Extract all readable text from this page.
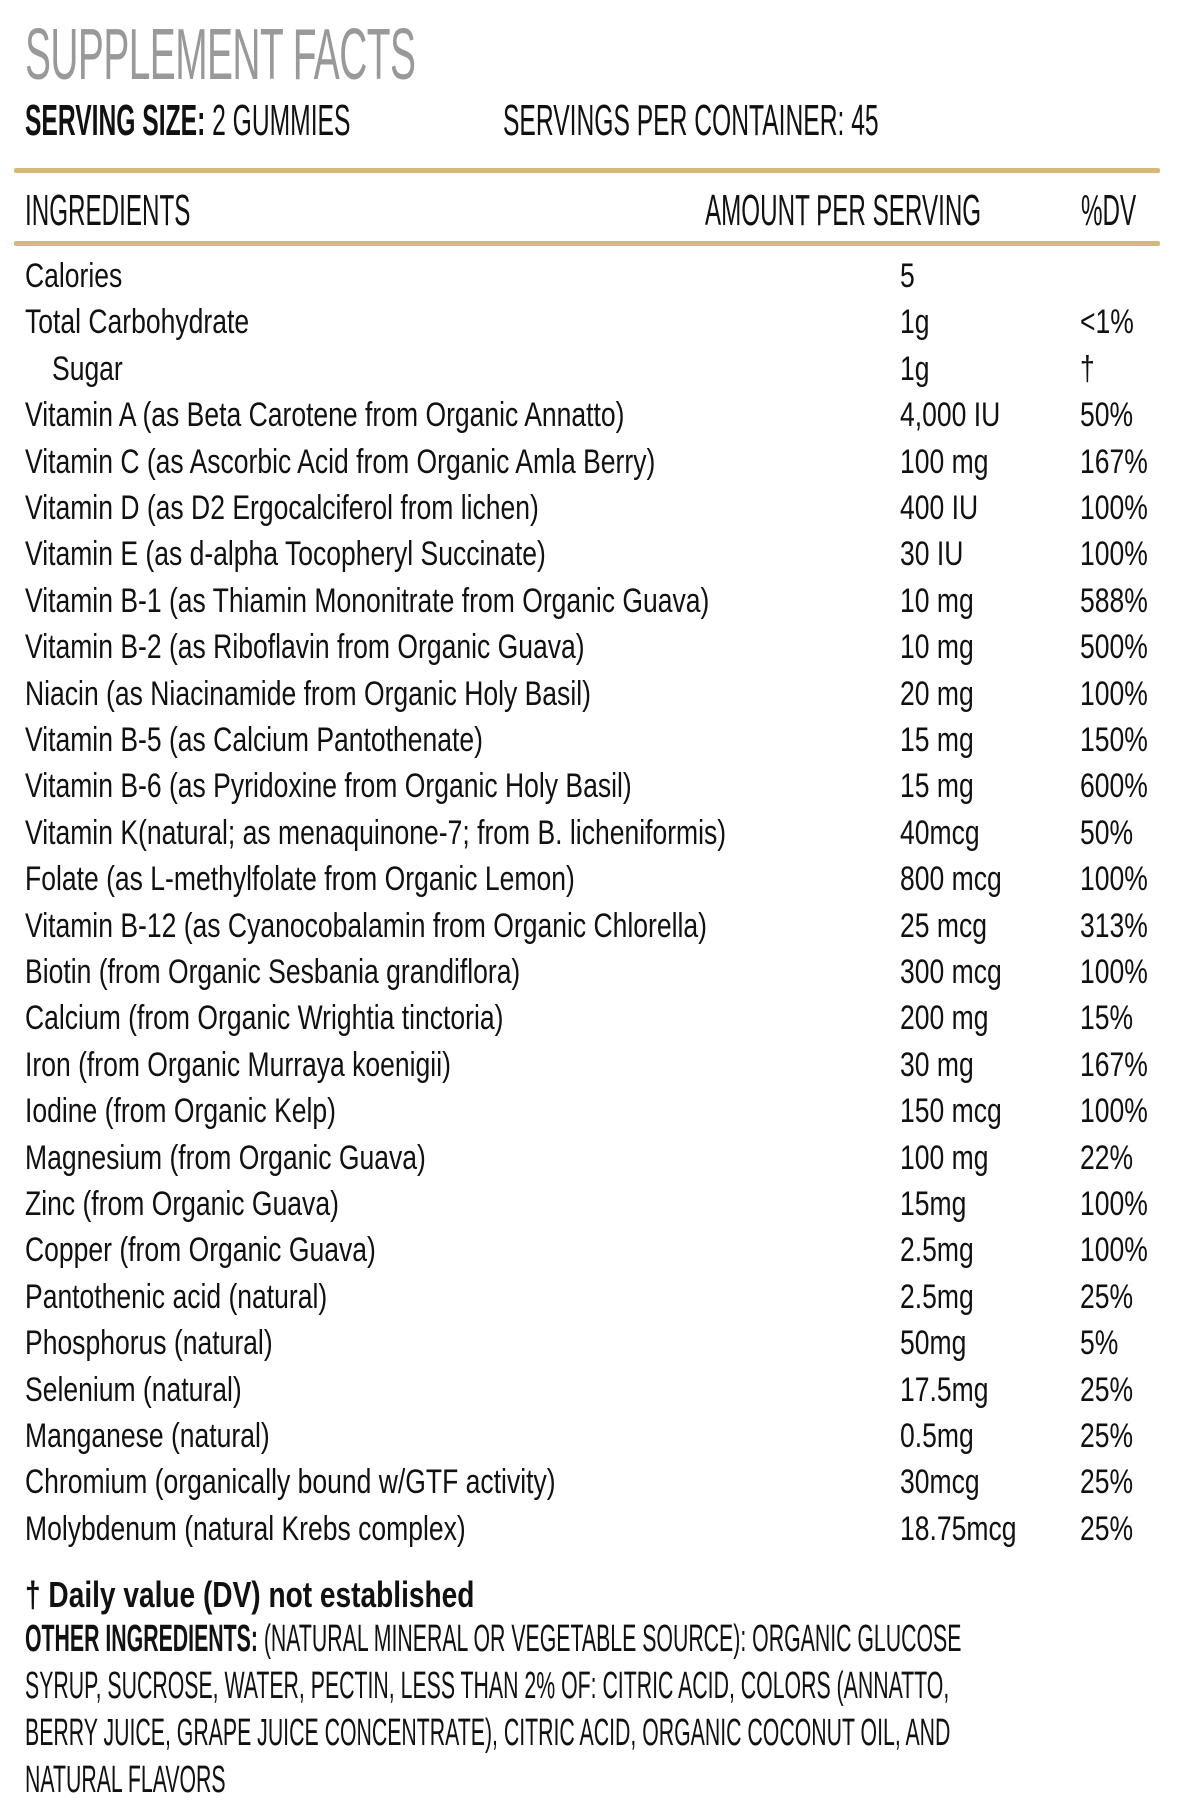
SUPPLEMENT FACTS
SERVING SIZE: 2 GUMMIES	SERVINGS PER CONTAINER: 45
INGREDIENTS	AMOUNT PER SERVING %DV
Calories	5
Total Carbohydrate	1g	<1%
Sugar	1g	†
Vitamin A (as Beta Carotene from Organic Annatto)	4,000 IU 50%
Vitamin C (as Ascorbic Acid from Organic Amla Berry)	100 mg	167%
Vitamin D (as D2 Ergocalciferol from lichen)	400 IU	100%
Vitamin E (as d-alpha Tocopheryl Succinate)	30 IU	100%
Vitamin B-1 (as Thiamin Mononitrate from Organic Guava)	10 mg	588%
Vitamin B-2 (as Riboflavin from Organic Guava)	10 mg	500%
Niacin (as Niacinamide from Organic Holy Basil)	20 mg	100%
Vitamin B-5 (as Calcium Pantothenate)	15 mg	150%
Vitamin B-6 (as Pyridoxine from Organic Holy Basil)	15 mg	600%
Vitamin K(natural; as menaquinone-7; from B. licheniformis)	40mcg	50%
Folate (as L-methylfolate from Organic Lemon)	800 mcg 100%
Vitamin B-12 (as Cyanocobalamin from Organic Chlorella)	25 mcg	313%
Biotin (from Organic Sesbania grandiflora)	300 mcg 100%
Calcium (from Organic Wrightia tinctoria)	200 mg	15%
Iron (from Organic Murraya koenigii)	30 mg	167%
Iodine (from Organic Kelp)	150 mcg 100%
Magnesium (from Organic Guava)	100 mg	22%
Zinc (from Organic Guava)	15mg	100%
Copper (from Organic Guava)	2.5mg	100%
Pantothenic acid (natural)	2.5mg	25%
Phosphorus (natural)	50mg	5%
Selenium (natural)	17.5mg	25%
Manganese (natural)	0.5mg	25%
Chromium (organically bound w/GTF activity)	30mcg	25%
Molybdenum (natural Krebs complex)	18.75mcg 25%
† Daily value (DV) not established
OTHER INGREDIENTS: (NATURAL MINERAL OR VEGETABLE SOURCE): ORGANIC GLUCOSE
SYRUP, SUCROSE, WATER, PECTIN, LESS THAN 2% OF: CITRIC ACID, COLORS (ANNATTO,
BERRY JUICE, GRAPE JUICE CONCENTRATE), CITRIC ACID, ORGANIC COCONUT OIL, AND
NATURAL FLAVORS
